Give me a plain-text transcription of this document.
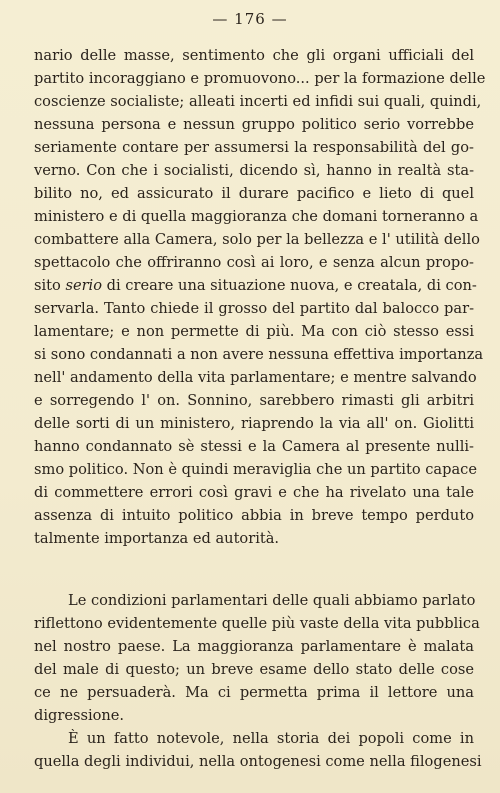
— 176 —
nario delle masse, sentimento che gli organi ufficiali del
partito incoraggiano e promuovono... per la formazione delle
coscienze socialiste; alleati incerti ed infidi sui quali, quindi,
nessuna persona e nessun gruppo politico serio vorrebbe
seriamente contare per assumersi la responsabilità del go-
verno. Con che i socialisti, dicendo sì, hanno in realtà sta-
bilito no, ed assicurato il durare pacifico e lieto di quel
ministero e di quella maggioranza che domani torneranno a
combattere alla Camera, solo per la bellezza e l' utilità dello
spettacolo che offriranno così ai loro, e senza alcun propo-
sito serio di creare una situazione nuova, e creatala, di con-
servarla. Tanto chiede il grosso del partito dal balocco par-
lamentare; e non permette di più. Ma con ciò stesso essi
si sono condannati a non avere nessuna effettiva importanza
nell' andamento della vita parlamentare; e mentre salvando
e sorregendo l' on. Sonnino, sarebbero rimasti gli arbitri
delle sorti di un ministero, riaprendo la via all' on. Giolitti
hanno condannato sè stessi e la Camera al presente nulli-
smo politico. Non è quindi meraviglia che un partito capace
di commettere errori così gravi e che ha rivelato una tale
assenza di intuito politico abbia in breve tempo perduto
talmente importanza ed autorità.
Le condizioni parlamentari delle quali abbiamo parlato
riflettono evidentemente quelle più vaste della vita pubblica
nel nostro paese. La maggioranza parlamentare è malata
del male di questo; un breve esame dello stato delle cose
ce ne persuaderà. Ma ci permetta prima il lettore una
digressione.
È un fatto notevole, nella storia dei popoli come in
quella degli individui, nella ontogenesi come nella filogenesi
